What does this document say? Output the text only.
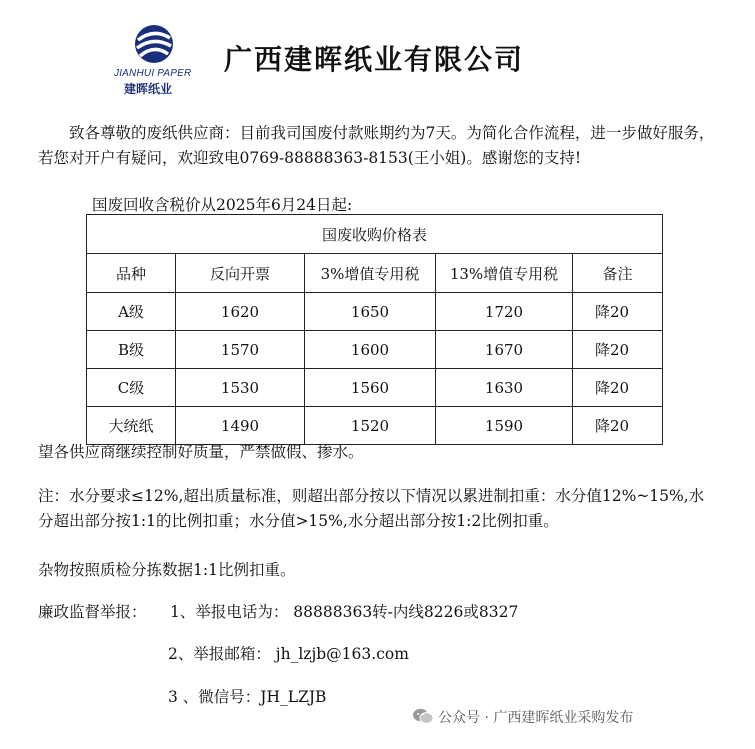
JIANHUI PAPER
建晖纸业
广西建晖纸业有限公司
致各尊敬的废纸供应商：目前我司国废付款账期约为7天。为简化合作流程，进一步做好服务，若您对开户有疑问，欢迎致电0769-88888363-8153(王小姐)。感谢您的支持!
国废回收含税价从2025年6月24日起:
国废收购价格表				
品种	反向开票	3%增值专用税	13%增值专用税	备注
A级	1620	1650	1720	降20
B级	1570	1600	1670	降20
C级	1530	1560	1630	降20
大统纸	1490	1520	1590	降20
望各供应商继续控制好质量，严禁做假、掺水。
注：水分要求≤12%,超出质量标准，则超出部分按以下情况以累进制扣重：水分值12%~15%,水分超出部分按1:1的比例扣重；水分值>15%,水分超出部分按1:2比例扣重。
杂物按照质检分拣数据1:1比例扣重。
廉政监督举报： 1、举报电话为： 88888363转-内线8226或8327
2、举报邮箱： jh_lzjb@163.com
3 、微信号：JH_LZJB
公众号 · 广西建晖纸业采购发布
